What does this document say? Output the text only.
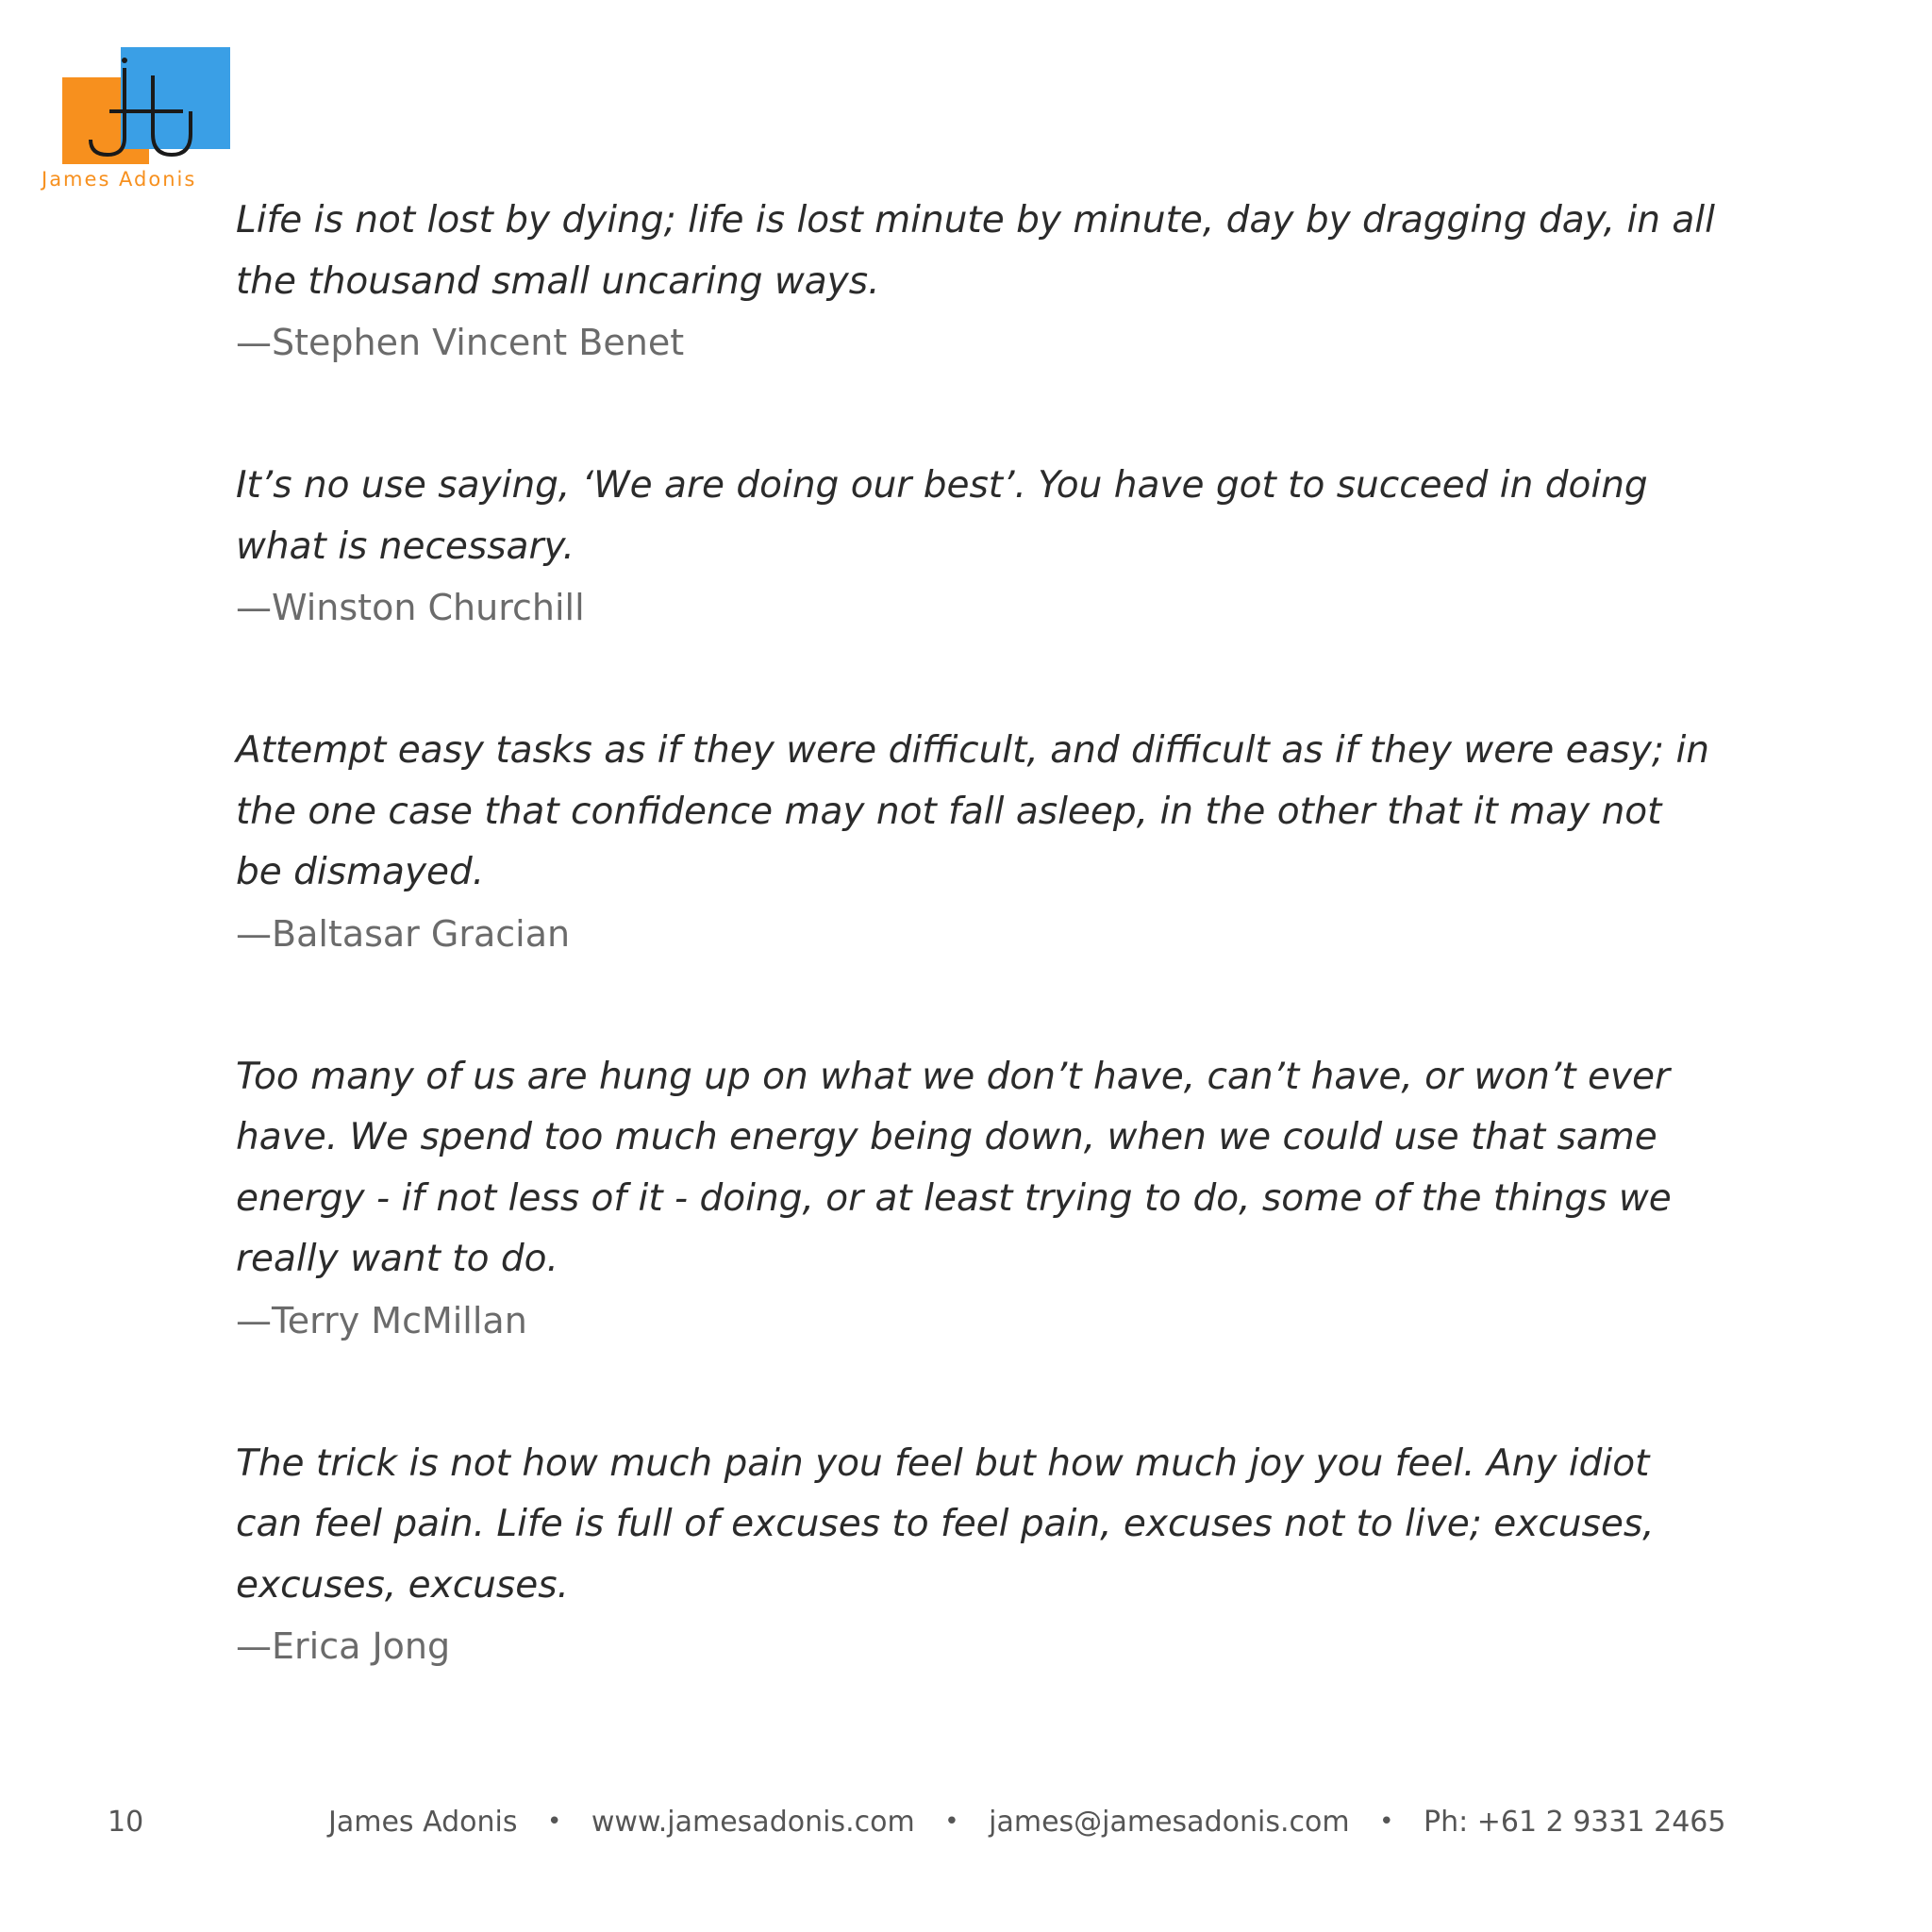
James Adonis

Life is not lost by dying; life is lost minute by minute, day by dragging day, in all the thousand small uncaring ways.

—Stephen Vincent Benet

It’s no use saying, ‘We are doing our best’. You have got to succeed in doing what is necessary.

—Winston Churchill

Attempt easy tasks as if they were difficult, and difficult as if they were easy; in the one case that confidence may not fall asleep, in the other that it may not be dismayed.

—Baltasar Gracian

Too many of us are hung up on what we don’t have, can’t have, or won’t ever have. We spend too much energy being down, when we could use that same energy - if not less of it - doing, or at least trying to do, some of the things we really want to do.

—Terry McMillan

The trick is not how much pain you feel but how much joy you feel. Any idiot can feel pain. Life is full of excuses to feel pain, excuses not to live; excuses, excuses, excuses.

—Erica Jong

10	James Adonis • www.jamesadonis.com • james@jamesadonis.com • Ph: +61 2 9331 2465
